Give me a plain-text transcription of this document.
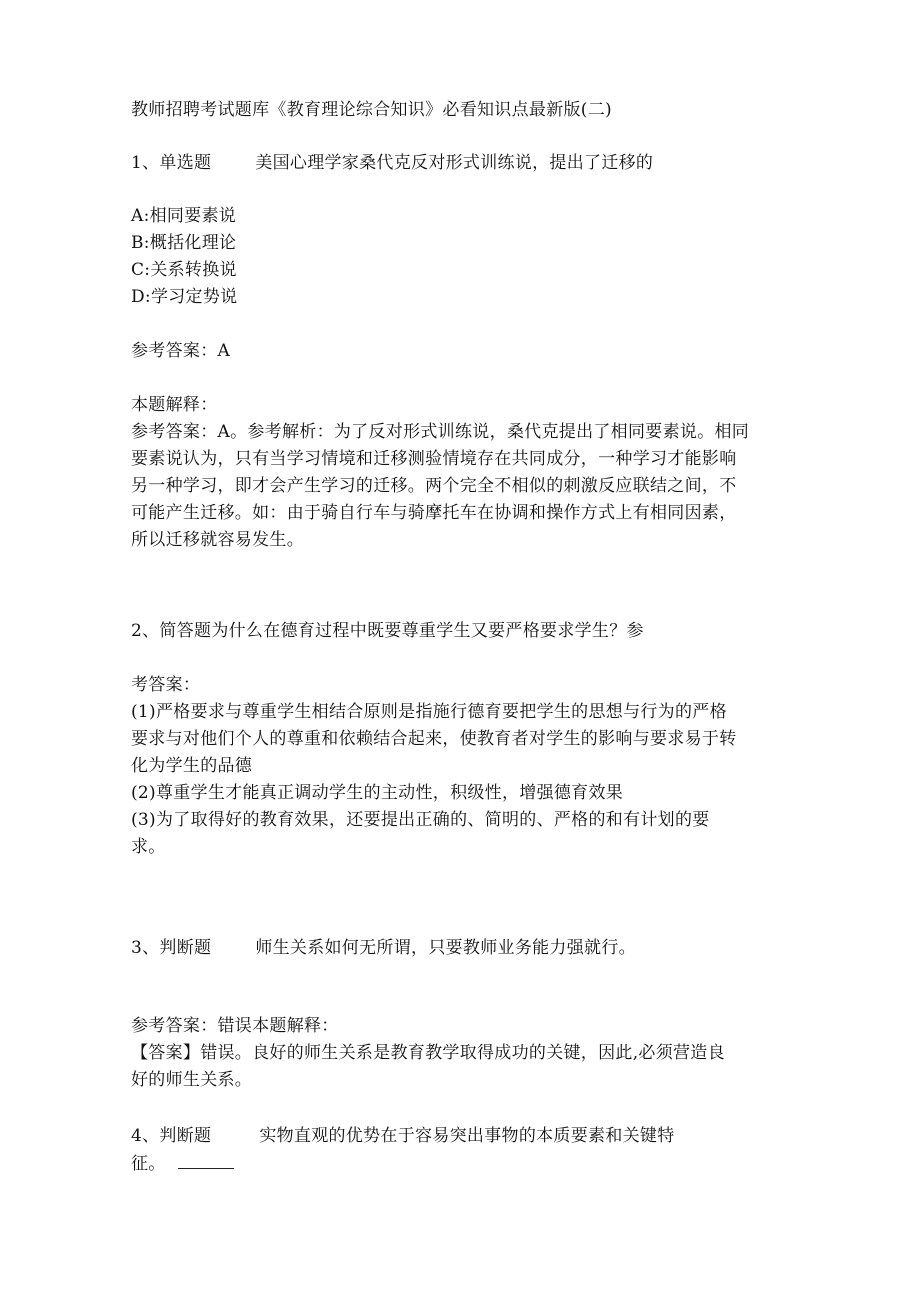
教师招聘考试题库《教育理论综合知识》必看知识点最新版(二)
1、单选题	美国心理学家桑代克反对形式训练说，提出了迁移的
A:相同要素说
B:概括化理论
C:关系转换说
D:学习定势说
参考答案：A
本题解释：
参考答案：A。参考解析：为了反对形式训练说，桑代克提出了相同要素说。相同
要素说认为，只有当学习情境和迁移测验情境存在共同成分，一种学习才能影响
另一种学习，即才会产生学习的迁移。两个完全不相似的刺激反应联结之间，不
可能产生迁移。如：由于骑自行车与骑摩托车在协调和操作方式上有相同因素，
所以迁移就容易发生。
2、简答题为什么在德育过程中既要尊重学生又要严格要求学生？参
考答案：
(1)严格要求与尊重学生相结合原则是指施行德育要把学生的思想与行为的严格
要求与对他们个人的尊重和依赖结合起来，使教育者对学生的影响与要求易于转
化为学生的品德
(2)尊重学生才能真正调动学生的主动性，积级性，增强德育效果
(3)为了取得好的教育效果，还要提出正确的、简明的、严格的和有计划的要
求。
3、判断题	师生关系如何无所谓，只要教师业务能力强就行。
参考答案：错误本题解释：
【答案】错误。良好的师生关系是教育教学取得成功的关键，因此,必须营造良
好的师生关系。
4、判断题	实物直观的优势在于容易突出事物的本质要素和关键特
征。
